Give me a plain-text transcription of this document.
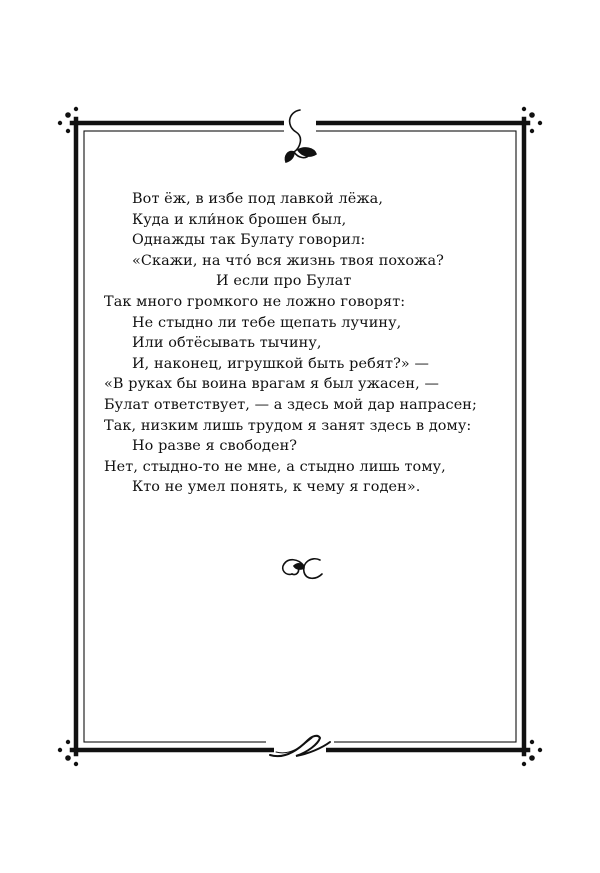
Вот ёж, в избе под лавкой лёжа,
Куда и кли́нок брошен был,
Однажды так Булату говорил:
«Скажи, на что́ вся жизнь твоя похожа?
И если про Булат
Так много громкого не ложно говорят:
Не стыдно ли тебе щепать лучину,
Или обтёсывать тычину,
И, наконец, игрушкой быть ребят?» —
«В руках бы воина врагам я был ужасен, —
Булат ответствует, — а здесь мой дар напрасен;
Так, низким лишь трудом я занят здесь в дому:
Но разве я свободен?
Нет, стыдно-то не мне, а стыдно лишь тому,
Кто не умел понять, к чему я годен».
